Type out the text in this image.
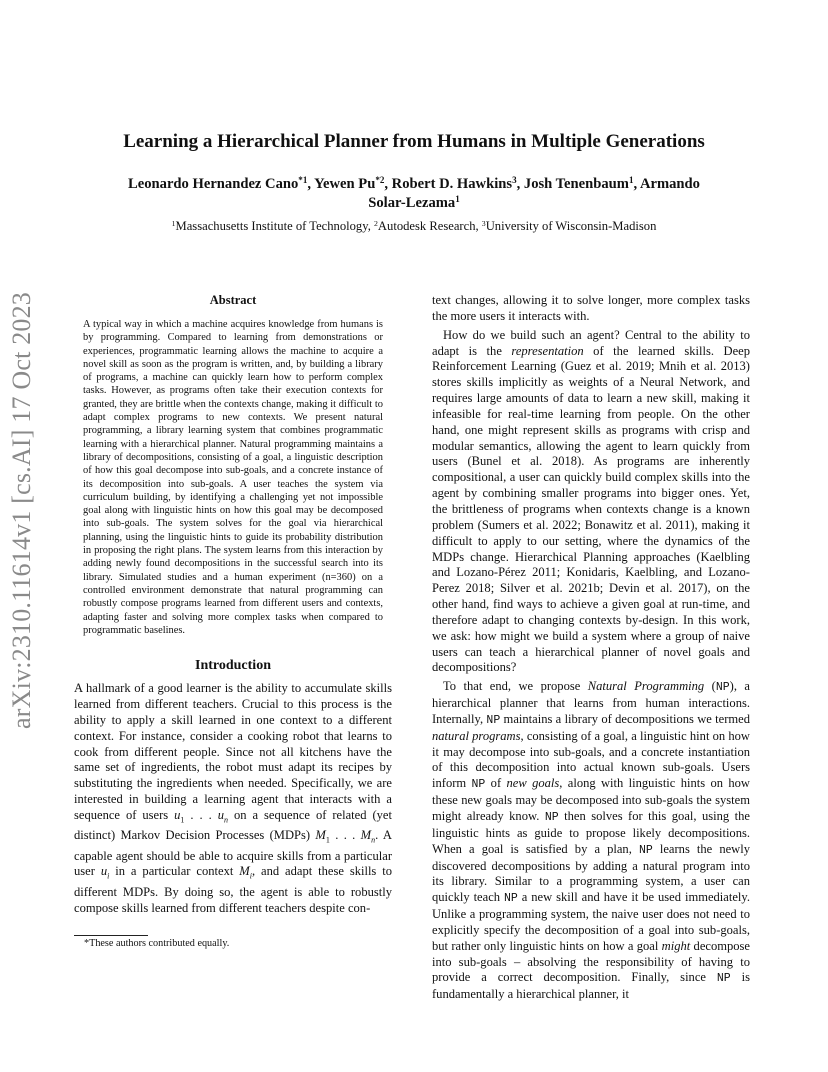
arXiv:2310.11614v1 [cs.AI] 17 Oct 2023
Learning a Hierarchical Planner from Humans in Multiple Generations
Leonardo Hernandez Cano$^{*1}$, Yewen Pu$^{*2}$, Robert D. Hawkins$^3$, Josh Tenenbaum$^1$, Armando
Solar-Lezama$^1$
$^1$Massachusetts Institute of Technology, $^2$Autodesk Research, $^3$University of Wisconsin-Madison
Abstract
A typical way in which a machine acquires knowledge from humans is by programming. Compared to learning from demonstrations or experiences, programmatic learning allows the machine to acquire a novel skill as soon as the program is written, and, by building a library of programs, a machine can quickly learn how to perform complex tasks. However, as programs often take their execution contexts for granted, they are brittle when the contexts change, making it difficult to adapt complex programs to new contexts. We present natural programming, a library learning system that combines programmatic learning with a hierarchical planner. Natural programming maintains a library of decompositions, consisting of a goal, a linguistic description of how this goal decompose into sub-goals, and a concrete instance of its decomposition into sub-goals. A user teaches the system via curriculum building, by identifying a challenging yet not impossible goal along with linguistic hints on how this goal may be decomposed into sub-goals. The system solves for the goal via hierarchical planning, using the linguistic hints to guide its probability distribution in proposing the right plans. The system learns from this interaction by adding newly found decompositions in the successful search into its library. Simulated studies and a human experiment (n=360) on a controlled environment demonstrate that natural programming can robustly compose programs learned from different users and contexts, adapting faster and solving more complex tasks when compared to programmatic baselines.
Introduction

A hallmark of a good learner is the ability to accumulate skills learned from different teachers. Crucial to this process is the ability to apply a skill learned in one context to a different context. For instance, consider a cooking robot that learns to cook from different people. Since not all kitchens have the same set of ingredients, the robot must adapt its recipes by substituting the ingredients when needed. Specifically, we are interested in building a learning agent that interacts with a sequence of users $u_1$ . . . $u_n$ on a sequence of related (yet distinct) Markov Decision Processes (MDPs) $M_1$ . . . $M_n$. A capable agent should be able to acquire skills from a particular user $u_i$ in a particular context $M_i$, and adapt these skills to different MDPs. By doing so, the agent is able to robustly compose skills learned from different teachers despite con-

*These authors contributed equally.

text changes, allowing it to solve longer, more complex tasks the more users it interacts with.

How do we build such an agent? Central to the ability to adapt is the representation of the learned skills. Deep Reinforcement Learning (Guez et al. 2019; Mnih et al. 2013) stores skills implicitly as weights of a Neural Network, and requires large amounts of data to learn a new skill, making it infeasible for real-time learning from people. On the other hand, one might represent skills as programs with crisp and modular semantics, allowing the agent to learn quickly from users (Bunel et al. 2018). As programs are inherently compositional, a user can quickly build complex skills into the agent by combining smaller programs into bigger ones. Yet, the brittleness of programs when contexts change is a known problem (Sumers et al. 2022; Bonawitz et al. 2011), making it difficult to apply to our setting, where the dynamics of the MDPs change. Hierarchical Planning approaches (Kaelbling and Lozano-Pérez 2011; Konidaris, Kaelbling, and Lozano-Perez 2018; Silver et al. 2021b; Devin et al. 2017), on the other hand, find ways to achieve a given goal at run-time, and therefore adapt to changing contexts by-design. In this work, we ask: how might we build a system where a group of naive users can teach a hierarchical planner of novel goals and decompositions?

To that end, we propose Natural Programming (NP), a hierarchical planner that learns from human interactions. Internally, NP maintains a library of decompositions we termed natural programs, consisting of a goal, a linguistic hint on how it may decompose into sub-goals, and a concrete instantiation of this decomposition into actual known sub-goals. Users inform NP of new goals, along with linguistic hints on how these new goals may be decomposed into sub-goals the system might already know. NP then solves for this goal, using the linguistic hints as guide to propose likely decompositions. When a goal is satisfied by a plan, NP learns the newly discovered decompositions by adding a natural program into its library. Similar to a programming system, a user can quickly teach NP a new skill and have it be used immediately. Unlike a programming system, the naive user does not need to explicitly specify the decomposition of a goal into sub-goals, but rather only linguistic hints on how a goal might decompose into sub-goals – absolving the responsibility of having to provide a correct decomposition. Finally, since NP is fundamentally a hierarchical planner, it
